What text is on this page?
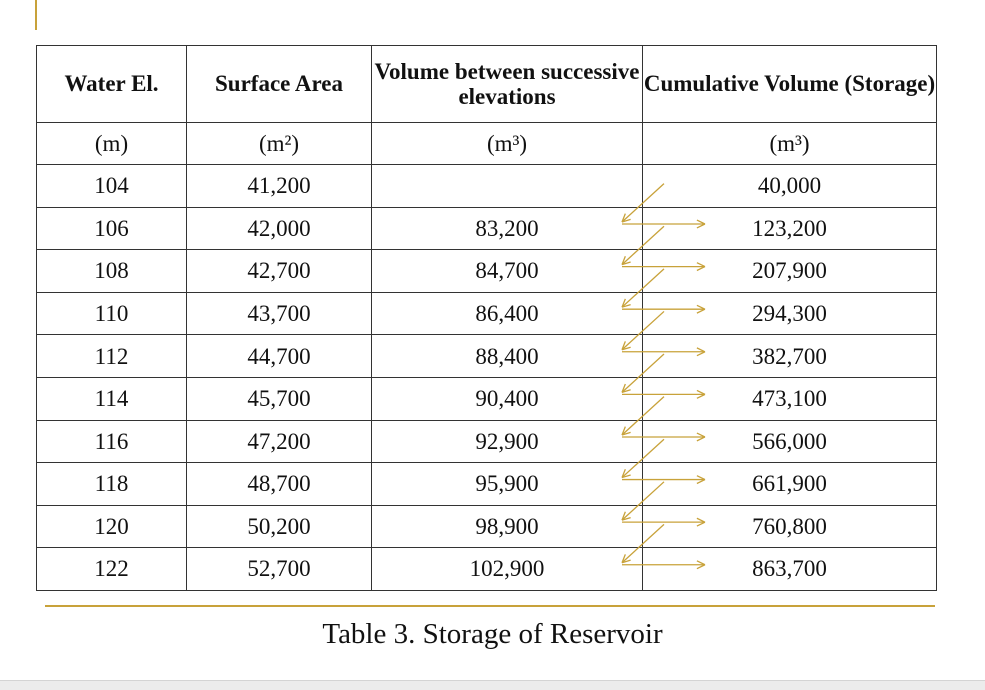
Water El.	Surface Area	Volume between successive elevations	Cumulative Volume (Storage)
(m)	(m²)	(m³)	(m³)
104	41,200		40,000
106	42,000	83,200	123,200
108	42,700	84,700	207,900
110	43,700	86,400	294,300
112	44,700	88,400	382,700
114	45,700	90,400	473,100
116	47,200	92,900	566,000
118	48,700	95,900	661,900
120	50,200	98,900	760,800
122	52,700	102,900	863,700
Table 3. Storage of Reservoir
